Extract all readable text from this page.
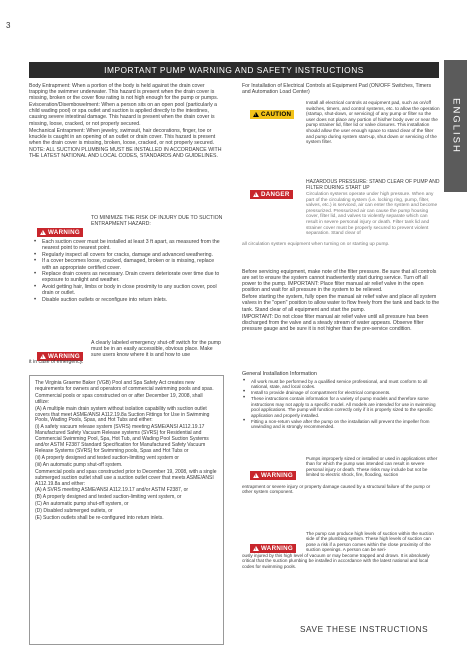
3
IMPORTANT PUMP WARNING AND SAFETY INSTRUCTIONS
ENGLISH

Body Entrapment: When a portion of the body is held against the drain cover trapping the swimmer underwater. This hazard is present when the drain cover is missing, broken or the cover flow rating is not high enough for the pump or pumps.

Evisceration/Disembowelment: When a person sits on an open pool (particularly a child wading pool) or spa outlet and suction is applied directly to the intestines, causing severe intestinal damage. This hazard is present when the drain cover is missing, loose, cracked, or not properly secured.

Mechanical Entrapment: When jewelry, swimsuit, hair decorations, finger, toe or knuckle is caught in an opening of an outlet or drain cover. This hazard is present when the drain cover is missing, broken, loose, cracked, or not properly secured.

NOTE: ALL SUCTION PLUMBING MUST BE INSTALLED IN ACCORDANCE WITH THE LATEST NATIONAL AND LOCAL CODES, STANDARDS AND GUIDELINES.

!WARNING
TO MINIMIZE THE RISK OF INJURY DUE TO SUCTION ENTRAPMENT HAZARD:
• Each suction cover must be installed at least 3 ft apart, as measured from the nearest point to nearest point.
• Regularly inspect all covers for cracks, damage and advanced weathering.
• If a cover becomes loose, cracked, damaged, broken or is missing, replace with an appropriate certified cover.
• Replace drain covers as necessary. Drain covers deteriorate over time due to exposure to sunlight and weather.
• Avoid getting hair, limbs or body in close proximity to any suction cover, pool drain or outlet.
• Disable suction outlets or reconfigure into return inlets.
!WARNING
A clearly labeled emergency shut-off switch for the pump must be in an easily accessible, obvious place. Make sure users know where it is and how to use
it in case of emergency.

The Virginia Graeme Baker (VGB) Pool and Spa Safety Act creates new requirements for owners and operators of commercial swimming pools and spas.

Commercial pools or spas constructed on or after December 19, 2008, shall utilize:

(A) A multiple main drain system without isolation capability with suction outlet covers that meet ASME/ANSI A112.19.8a Suction Fittings for Use in Swimming Pools, Wading Pools, Spas, and Hot Tubs and either:

(i) A safety vacuum release system (SVRS) meeting ASME/ANSI A112.19.17 Manufactured Safety Vacuum Release systems (SVRS) for Residential and Commercial Swimming Pool, Spa, Hot Tub, and Wading Pool Suction Systems and/or ASTM F2387 Standard Specification for Manufactured Safety Vacuum Release Systems (SVRS) for Swimming pools, Spas and Hot Tubs or

(ii) A properly designed and tested suction-limiting vent system or

(iii) An automatic pump shut-off system.

Commercial pools and spas constructed prior to December 19, 2008, with a single submerged suction outlet shall use a suction outlet cover that meets ASME/ANSI A112.19.8a and either:

(A) A SVRS meeting ASME/ANSI A112.19.17 and/or ASTM F2387, or

(B) A properly designed and tested suction-limiting vent system, or

(C) An automatic pump shut-off system, or

(D) Disabled submerged outlets, or

(E) Suction outlets shall be re-configured into return inlets.

For Installation of Electrical Controls at Equipment Pad (ON/OFF Switches, Timers and Automation Load Center)

!CAUTION
Install all electrical controls at equipment pad, such as on/off switches, timers, and control systems, etc. to allow the operation (startup, shut-down, or servicing) of any pump or filter so the user does not place any portion of his/her body over or near the pump strainer lid, filter lid or valve closures. This installation should allow the user enough space to stand clear of the filter and pump during system start-up, shut down or servicing of the system filter.
!DANGER
HAZARDOUS PRESSURE: STAND CLEAR OF PUMP AND FILTER DURING START UP
Circulation systems operate under high pressure. When any part of the circulating system (i.e. locking ring, pump, filter, valves, etc.) is serviced, air can enter the system and become pressurized. Pressurized air can cause the pump housing cover, filter lid, and valves to violently separate which can result in severe personal injury or death. Filter tank lid and strainer cover must be properly secured to prevent violent separation. Stand clear of
all circulation system equipment when turning on or starting up pump.

Before servicing equipment, make note of the filter pressure. Be sure that all controls are set to ensure the system cannot inadvertently start during service. Turn off all power to the pump. IMPORTANT: Place filter manual air relief valve in the open position and wait for all pressure in the system to be relieved.

Before starting the system, fully open the manual air relief valve and place all system valves in the "open" position to allow water to flow freely from the tank and back to the tank. Stand clear of all equipment and start the pump.

IMPORTANT: Do not close filter manual air relief valve until all pressure has been discharged from the valve and a steady stream of water appears. Observe filter pressure gauge and be sure it is not higher than the pre-service condition.

General Installation Information
• All work must be performed by a qualified service professional, and must conform to all national, state, and local codes.
• Install to provide drainage of compartment for electrical components.
• These instructions contain information for a variety of pump models and therefore some instructions may not apply to a specific model. All models are intended for use in swimming pool applications. The pump will function correctly only if it is properly sized to the specific application and properly installed.
• Fitting a non-return valve after the pump on the installation will prevent the impeller from unwinding and is strongly recommended.
!WARNING
Pumps improperly sized or installed or used in applications other than for which the pump was intended can result in severe personal injury or death. These risks may include but not be limited to electric shock, fire, flooding, suction
entrapment or severe injury or property damage caused by a structural failure of the pump or other system component.
!WARNING
The pump can produce high levels of suction within the suction side of the plumbing system. These high levels of suction can pose a risk if a person comes within the close proximity of the suction openings. A person can be seri-
ously injured by this high level of vacuum or may become trapped and drown. It is absolutely critical that the suction plumbing be installed in accordance with the latest national and local codes for swimming pools.
SAVE THESE INSTRUCTIONS
